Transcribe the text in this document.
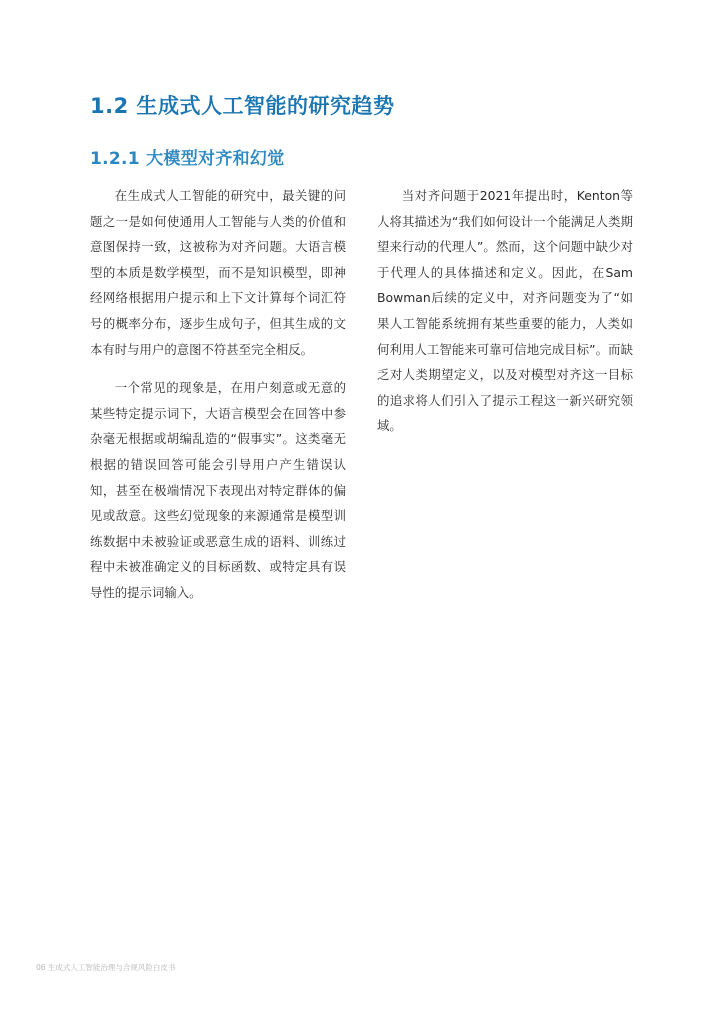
1.2 生成式人工智能的研究趋势
1.2.1 大模型对齐和幻觉

在生成式人工智能的研究中，最关键的问题之一是如何使通用人工智能与人类的价值和意图保持一致，这被称为对齐问题。大语言模型的本质是数学模型，而不是知识模型，即神经网络根据用户提示和上下文计算每个词汇符号的概率分布，逐步生成句子，但其生成的文本有时与用户的意图不符甚至完全相反。

一个常见的现象是，在用户刻意或无意的某些特定提示词下，大语言模型会在回答中参杂毫无根据或胡编乱造的“假事实”。这类毫无根据的错误回答可能会引导用户产生错误认知，甚至在极端情况下表现出对特定群体的偏见或敌意。这些幻觉现象的来源通常是模型训练数据中未被验证或恶意生成的语料、训练过程中未被准确定义的目标函数、或特定具有误导性的提示词输入。

当对齐问题于2021年提出时，Kenton等人将其描述为“我们如何设计一个能满足人类期望来行动的代理人”。然而，这个问题中缺少对于代理人的具体描述和定义。因此，在Sam Bowman后续的定义中，对齐问题变为了“如果人工智能系统拥有某些重要的能力，人类如何利用人工智能来可靠可信地完成目标”。而缺乏对人类期望定义，以及对模型对齐这一目标的追求将人们引入了提示工程这一新兴研究领域。

06 生成式人工智能治理与合规风险白皮书
